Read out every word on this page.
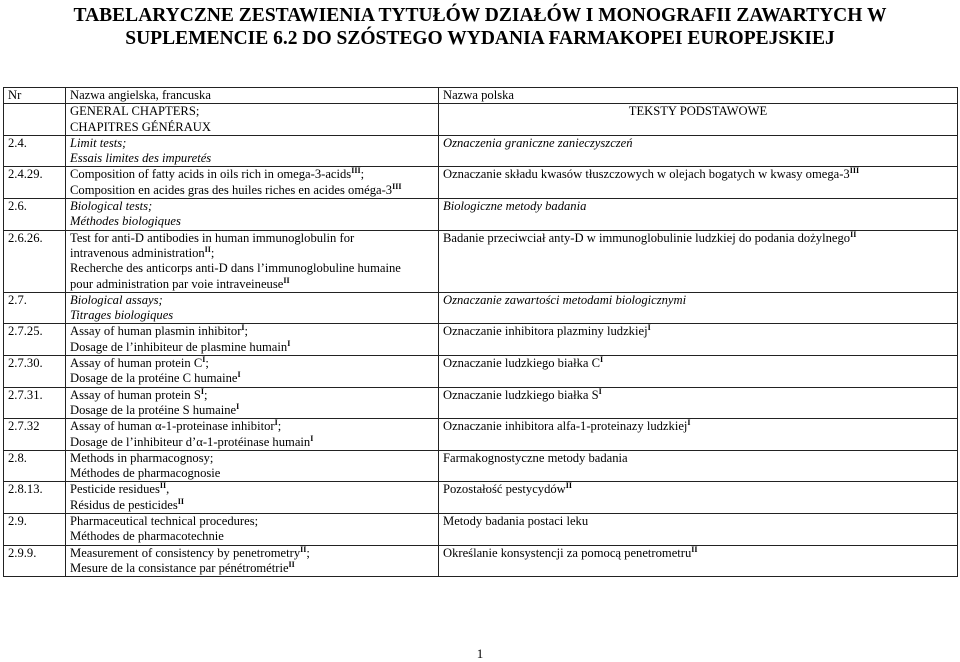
TABELARYCZNE ZESTAWIENIA TYTUŁÓW DZIAŁÓW I MONOGRAFII ZAWARTYCH W
SUPLEMENCIE 6.2 DO SZÓSTEGO WYDANIA FARMAKOPEI EUROPEJSKIEJ
Nr	Nazwa angielska, francuska	Nazwa polska

	GENERAL CHAPTERS;
CHAPITRES GÉNÉRAUX	TEKSTY PODSTAWOWE

2.4.	Limit tests;
Essais limites des impuretés	Oznaczenia graniczne zanieczyszczeń

2.4.29.	Composition of fatty acids in oils rich in omega-3-acids$^{III}$;
Composition en acides gras des huiles riches en acides oméga-$3^{III}$	Oznaczanie składu kwasów tłuszczowych w olejach bogatych w kwasy omega-$3^{III}$

2.6.	Biological tests;
Méthodes biologiques	Biologiczne metody badania

2.6.26.	Test for anti-D antibodies in human immunoglobulin for
intravenous administration$^{II}$;
Recherche des anticorps anti-D dans l’immunoglobuline humaine
pour administration par voie intraveineuse$^{II}$	Badanie przeciwciał anty-D w immunoglobulinie ludzkiej do podania dożylnego$^{II}$

2.7.	Biological assays;
Titrages biologiques	Oznaczanie zawartości metodami biologicznymi

2.7.25.	Assay of human plasmin inhibitor$^I$;
Dosage de l’inhibiteur de plasmine humain$^I$	Oznaczanie inhibitora plazminy ludzkiej$^I$

2.7.30.	Assay of human protein $C^I$;
Dosage de la protéine C humaine$^I$	Oznaczanie ludzkiego białka $C^I$

2.7.31.	Assay of human protein $S^I$;
Dosage de la protéine S humaine$^I$	Oznaczanie ludzkiego białka $S^I$

2.7.32	Assay of human α-1-proteinase inhibitor$^I$;
Dosage de l’inhibiteur d’α-1-protéinase humain$^I$	Oznaczanie inhibitora alfa-1-proteinazy ludzkiej$^I$

2.8.	Methods in pharmacognosy;
Méthodes de pharmacognosie	Farmakognostyczne metody badania

2.8.13.	Pesticide residues$^{II}$,
Résidus de pesticides$^{II}$	Pozostałość pestycydów$^{II}$

2.9.	Pharmaceutical technical procedures;
Méthodes de pharmacotechnie	Metody badania postaci leku

2.9.9.	Measurement of consistency by penetrometry$^{II}$;
Mesure de la consistance par pénétrométrie$^{II}$	Określanie konsystencji za pomocą penetrometru$^{II}$
1
